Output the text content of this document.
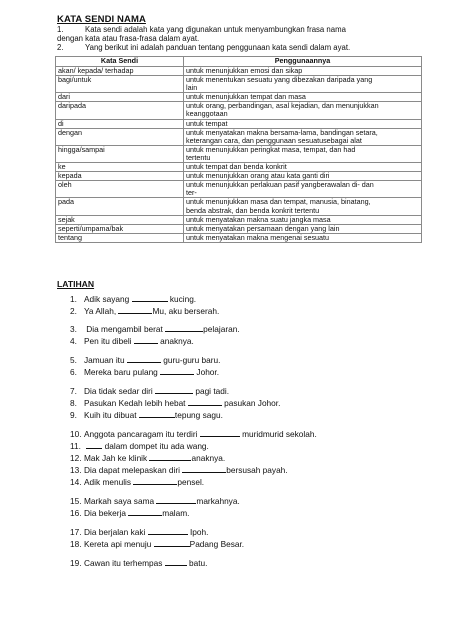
KATA SENDI NAMA
1.	Kata sendi adalah kata yang digunakan untuk menyambungkan frasa nama
dengan kata atau frasa-frasa dalam ayat.
2.	Yang berikut ini adalah panduan tentang penggunaan kata sendi dalam ayat.
Kata Sendi	Penggunaannya
akan/ kepada/ terhadap	untuk menunjukkan emosi dan sikap

bagi/untuk	untuk menentukan sesuatu yang dibezakan daripada yang
lain

dari	untuk menunjukkan tempat dan masa

daripada	untuk orang, perbandingan, asal kejadian, dan menunjukkan
keanggotaan

di	untuk tempat

dengan	untuk menyatakan makna bersama-lama, bandingan setara,
keterangan cara, dan penggunaan sesuatusebagai alat

hingga/sampai	untuk menunjukkan peringkat masa, tempat, dan had
tertentu

ke	untuk tempat dan benda konkrit

kepada	untuk menunjukkan orang atau kata ganti diri

oleh	untuk menunjukkan perlakuan pasif yangberawalan di- dan
ter-

pada	untuk menunjukkan masa dan tempat, manusia, binatang,
benda abstrak, dan benda konkrit tertentu

sejak	untuk menyatakan makna suatu jangka masa

seperti/umpama/bak	untuk menyatakan persamaan dengan yang lain

tentang	untuk menyatakan makna mengenai sesuatu
LATIHAN
1. Adik sayang	kucing.
2. Ya Allah,	Mu, aku berserah.
3. Dia mengambil berat	pelajaran.
4. Pen itu dibeli	anaknya.
5. Jamuan itu	guru-guru baru.
6. Mereka baru pulang	Johor.
7. Dia tidak sedar diri	pagi tadi.
8. Pasukan Kedah lebih hebat	pasukan Johor.
9. Kuih itu dibuat	tepung sagu.
10. Anggota pancaragam itu terdiri	muridmurid sekolah.
11.	dalam dompet itu ada wang.
12. Mak Jah ke klinik	anaknya.
13. Dia dapat melepaskan diri	bersusah payah.
14. Adik menulis	pensel.
15. Markah saya sama	markahnya.
16. Dia bekerja	malam.
17. Dia berjalan kaki	Ipoh.
18. Kereta api menuju	Padang Besar.
19. Cawan itu terhempas	batu.
